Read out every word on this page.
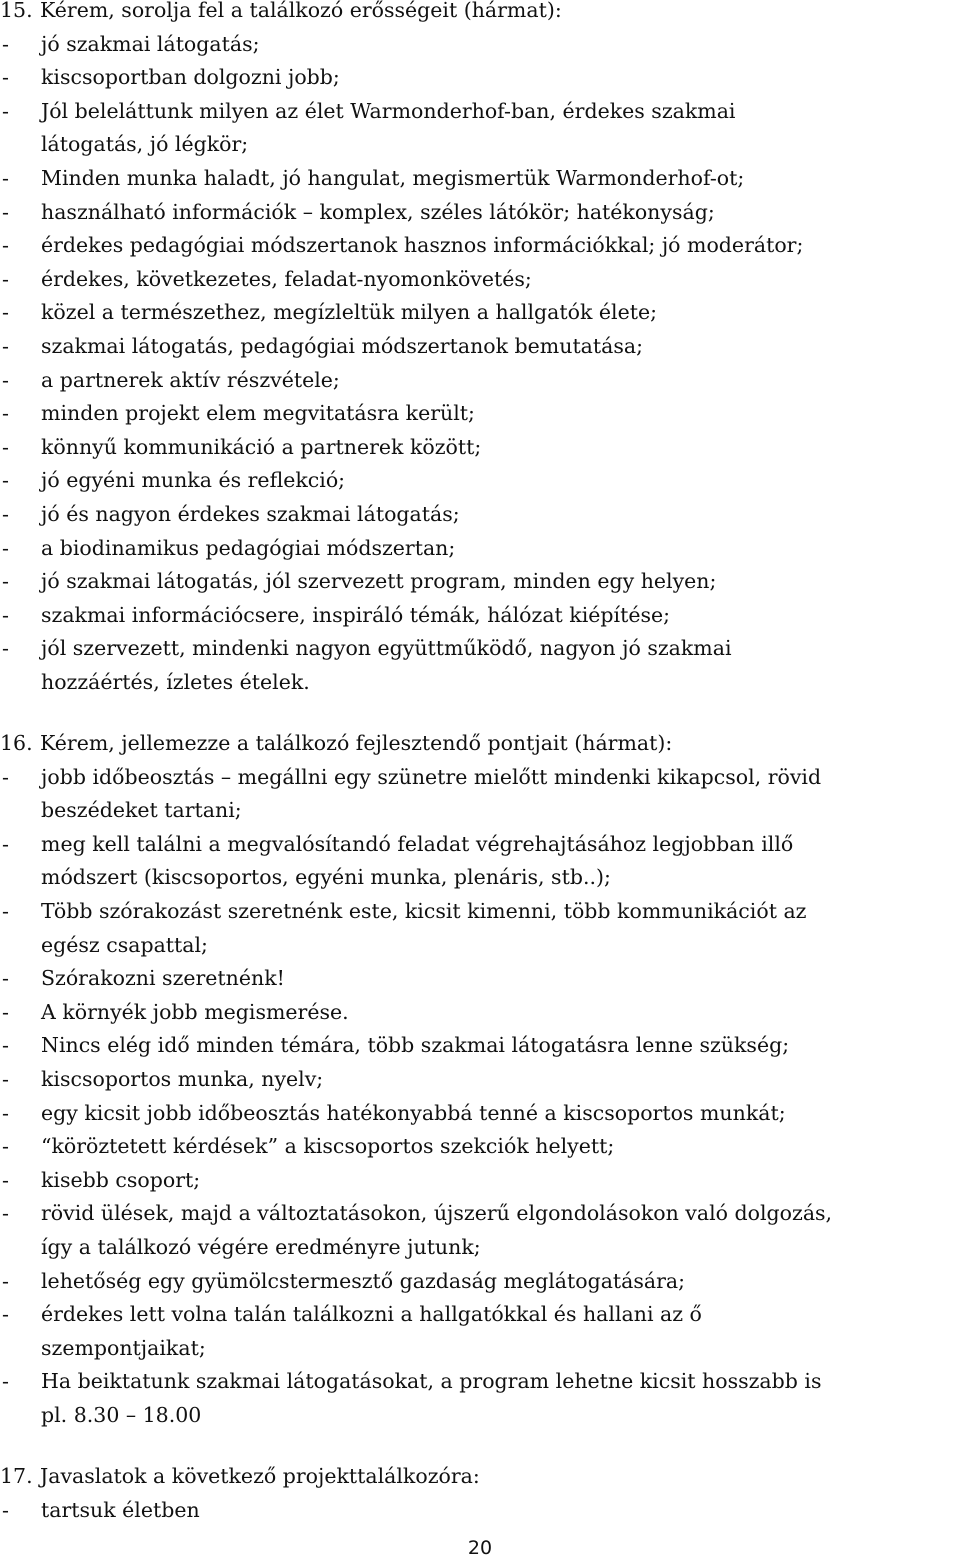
15. Kérem, sorolja fel a találkozó erősségeit (hármat):
- jó szakmai látogatás;
- kiscsoportban dolgozni jobb;
- Jól beleláttunk milyen az élet Warmonderhof-ban, érdekes szakmai
látogatás, jó légkör;
- Minden munka haladt, jó hangulat, megismertük Warmonderhof-ot;
- használható információk – komplex, széles látókör; hatékonyság;
- érdekes pedagógiai módszertanok hasznos információkkal; jó moderátor;
- érdekes, következetes, feladat-nyomonkövetés;
- közel a természethez, megízleltük milyen a hallgatók élete;
- szakmai látogatás, pedagógiai módszertanok bemutatása;
- a partnerek aktív részvétele;
- minden projekt elem megvitatásra került;
- könnyű kommunikáció a partnerek között;
- jó egyéni munka és reflekció;
- jó és nagyon érdekes szakmai látogatás;
- a biodinamikus pedagógiai módszertan;
- jó szakmai látogatás, jól szervezett program, minden egy helyen;
- szakmai információcsere, inspiráló témák, hálózat kiépítése;
- jól szervezett, mindenki nagyon együttműködő, nagyon jó szakmai
hozzáértés, ízletes ételek.
16. Kérem, jellemezze a találkozó fejlesztendő pontjait (hármat):
- jobb időbeosztás – megállni egy szünetre mielőtt mindenki kikapcsol, rövid
beszédeket tartani;
- meg kell találni a megvalósítandó feladat végrehajtásához legjobban illő
módszert (kiscsoportos, egyéni munka, plenáris, stb..);
- Több szórakozást szeretnénk este, kicsit kimenni, több kommunikációt az
egész csapattal;
- Szórakozni szeretnénk!
- A környék jobb megismerése.
- Nincs elég idő minden témára, több szakmai látogatásra lenne szükség;
- kiscsoportos munka, nyelv;
- egy kicsit jobb időbeosztás hatékonyabbá tenné a kiscsoportos munkát;
- “köröztetett kérdések” a kiscsoportos szekciók helyett;
- kisebb csoport;
- rövid ülések, majd a változtatásokon, újszerű elgondolásokon való dolgozás,
így a találkozó végére eredményre jutunk;
- lehetőség egy gyümölcstermesztő gazdaság meglátogatására;
- érdekes lett volna talán találkozni a hallgatókkal és hallani az ő
szempontjaikat;
- Ha beiktatunk szakmai látogatásokat, a program lehetne kicsit hosszabb is
pl. 8.30 – 18.00
17. Javaslatok a következő projekttalálkozóra:
- tartsuk életben
20
